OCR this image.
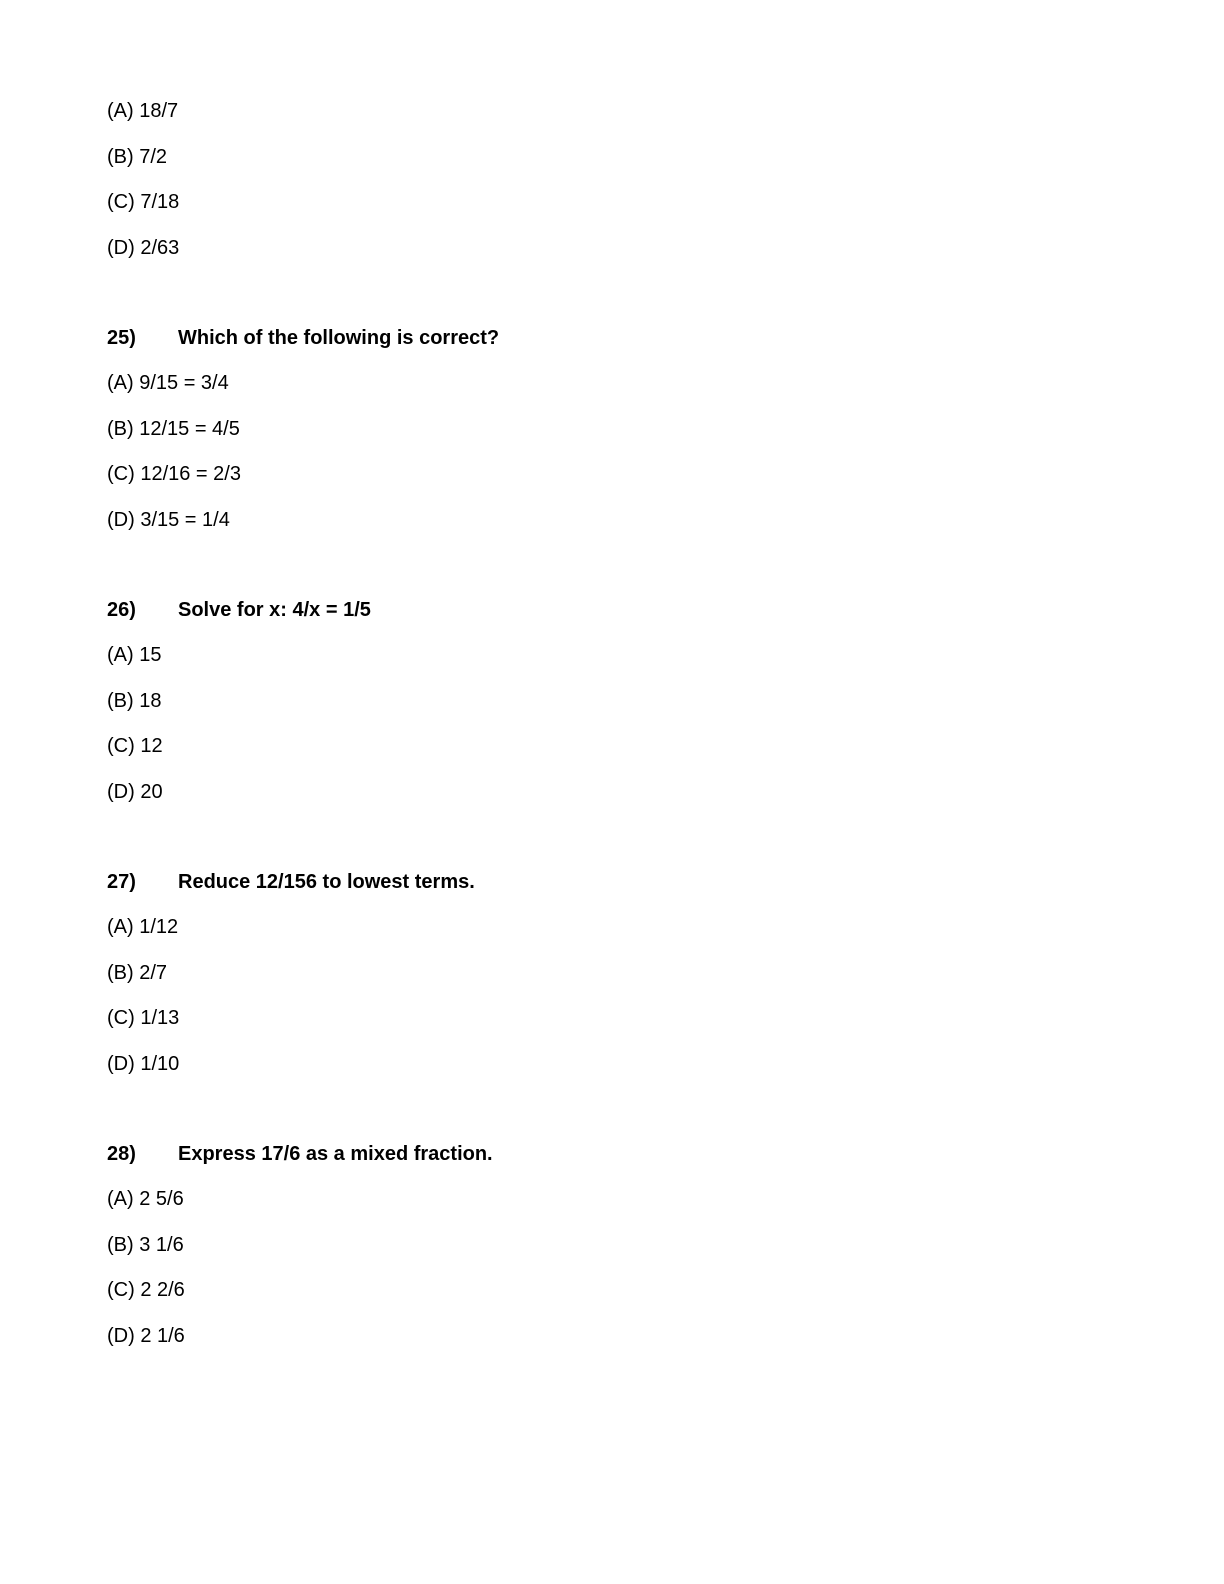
(A) 18/7
(B) 7/2
(C) 7/18
(D) 2/63
25) Which of the following is correct?
(A) 9/15 = 3/4
(B) 12/15 = 4/5
(C) 12/16 = 2/3
(D) 3/15 = 1/4
26) Solve for x: 4/x = 1/5
(A) 15
(B) 18
(C) 12
(D) 20
27) Reduce 12/156 to lowest terms.
(A) 1/12
(B) 2/7
(C) 1/13
(D) 1/10
28) Express 17/6 as a mixed fraction.
(A) 2 5/6
(B) 3 1/6
(C) 2 2/6
(D) 2 1/6
